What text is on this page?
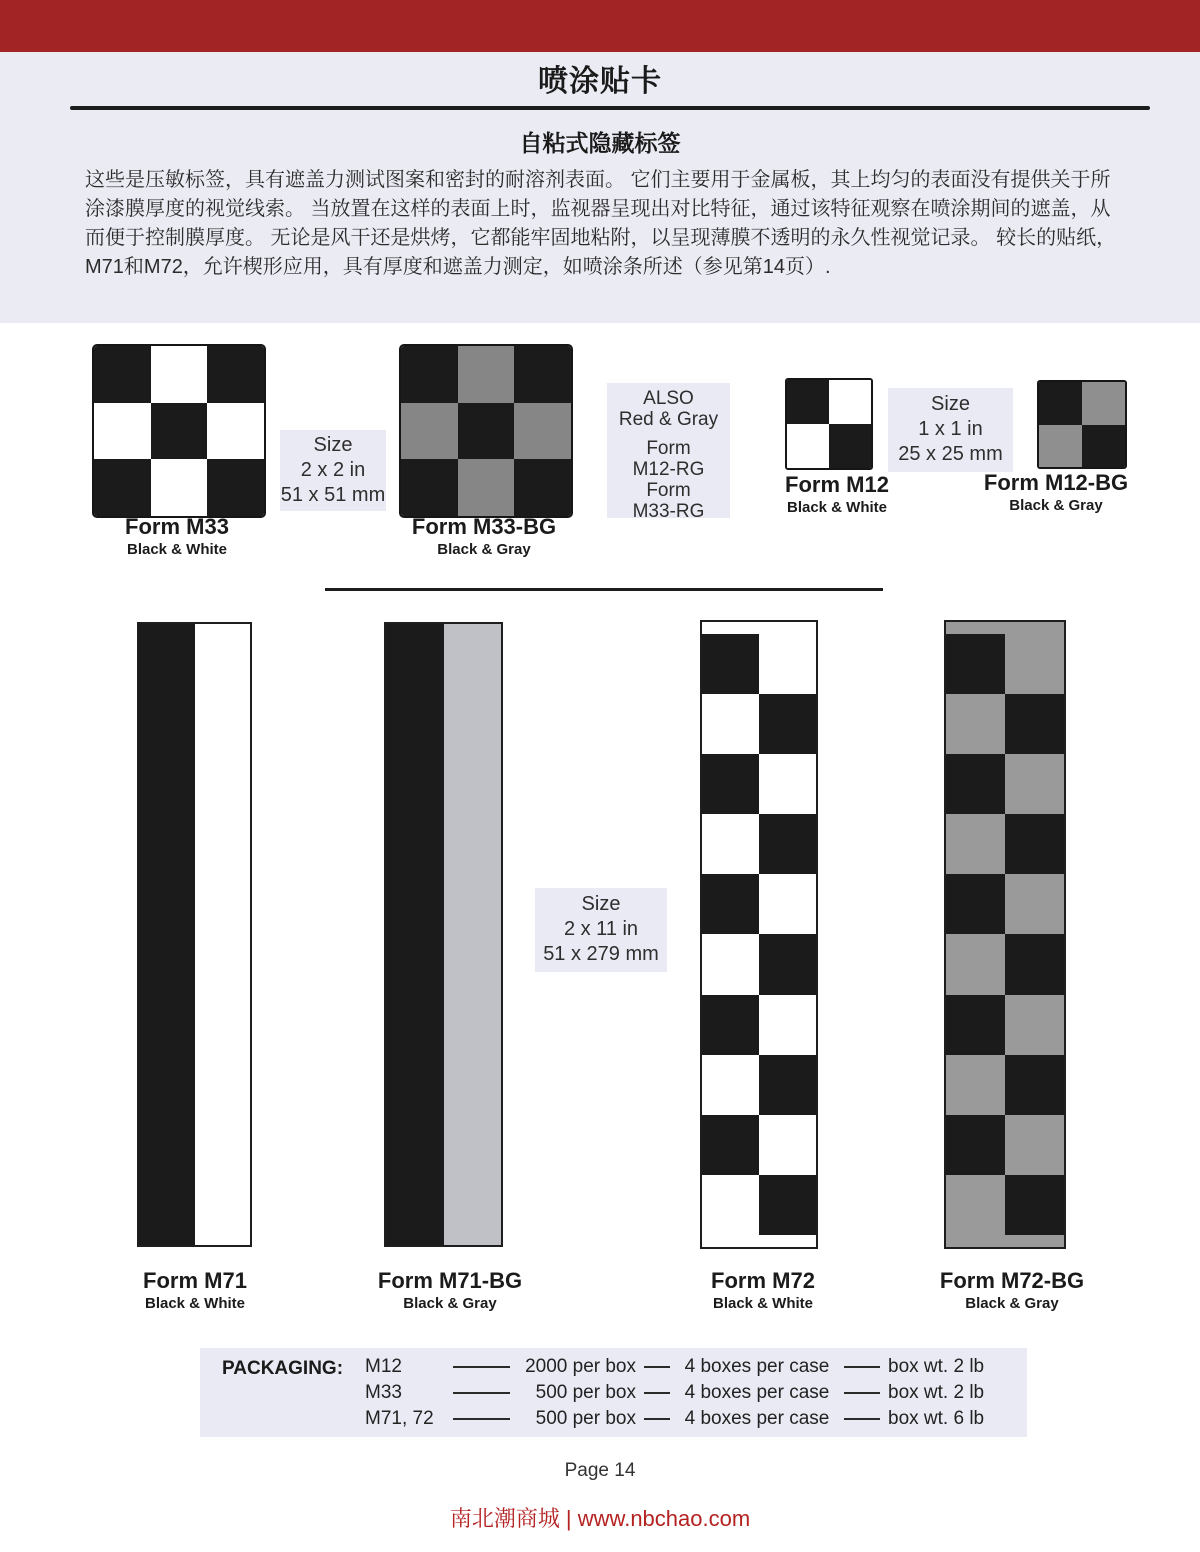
喷涂贴卡
自粘式隐藏标签
这些是压敏标签，具有遮盖力测试图案和密封的耐溶剂表面。 它们主要用于金属板，其上均匀的表面没有提供关于所
涂漆膜厚度的视觉线索。 当放置在这样的表面上时，监视器呈现出对比特征，通过该特征观察在喷涂期间的遮盖，从
而便于控制膜厚度。 无论是风干还是烘烤，它都能牢固地粘附，以呈现薄膜不透明的永久性视觉记录。 较长的贴纸，
M71和M72，允许楔形应用，具有厚度和遮盖力测定，如喷涂条所述（参见第14页）.
Form M33
Black & White
Size
2 x 2 in
51 x 51 mm
Form M33-BG
Black & Gray
ALSO
Red & Gray
Form
M12-RG
Form
M33-RG
Form M12
Black & White
Size
1 x 1 in
25 x 25 mm
Form M12-BG
Black & Gray
Size
2 x 11 in
51 x 279 mm
Form M71
Black & White
Form M71-BG
Black & Gray
Form M72
Black & White
Form M72-BG
Black & Gray
PACKAGING: M12	2000 per box	4 boxes per case	box wt. 2 lb
M33	500 per box	4 boxes per case	box wt. 2 lb
M71, 72	500 per box	4 boxes per case	box wt. 6 lb
Page 14
南北潮商城 | www.nbchao.com
